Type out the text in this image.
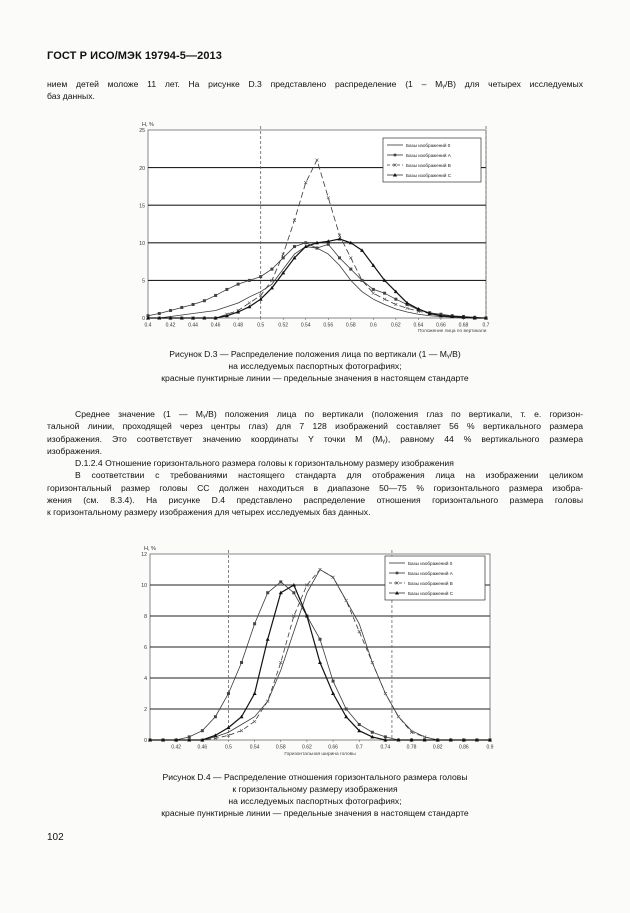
ГОСТ Р ИСО/МЭК 19794-5—2013
нием детей моложе 11 лет. На рисунке D.3 представлено распределение (1 – Mᵧ/B) для четырех исследуемых
баз данных.
0
5
10
15
20
25
0.4	0.42	0.44	0.46	0.48	0.5	0.52	0.54	0.56	0.58	0.6	0.62	0.64	0.66	0.68	0.7
H, %
Положение лица по вертикали
Базы изображений 0
Базы изображений A
Базы изображений B
Базы изображений C
Рисунок D.3 — Распределение положения лица по вертикали (1 — Mᵧ/B)
на исследуемых паспортных фотографиях;
красные пунктирные линии — предельные значения в настоящем стандарте
Среднее значение (1 — Mᵧ/B) положения лица по вертикали (положения глаз по вертикали, т. е. горизон-
тальной линии, проходящей через центры глаз) для 7 128 изображений составляет 56 % вертикального размера
изображения. Это соответствует значению координаты Y точки M (Mᵧ), равному 44 % вертикального размера
изображения.
D.1.2.4 Отношение горизонтального размера головы к горизонтальному размеру изображения
В соответствии с требованиями настоящего стандарта для отображения лица на изображении целиком
горизонтальный размер головы CC должен находиться в диапазоне 50—75 % горизонтального размера изобра-
жения (см. 8.3.4). На рисунке D.4 представлено распределение отношения горизонтального размера головы
к горизонтальному размеру изображения для четырех исследуемых баз данных.
0
2
4
6
8
10
12
0.42	0.46	0.5	0.54	0.58	0.62	0.66	0.7	0.74	0.78	0.82	0.86	0.9
H, %
Горизонтальная ширина головы
Базы изображений 0
Базы изображений A
Базы изображений B
Базы изображений C
Рисунок D.4 — Распределение отношения горизонтального размера головы
к горизонтальному размеру изображения
на исследуемых паспортных фотографиях;
красные пунктирные линии — предельные значения в настоящем стандарте
102
